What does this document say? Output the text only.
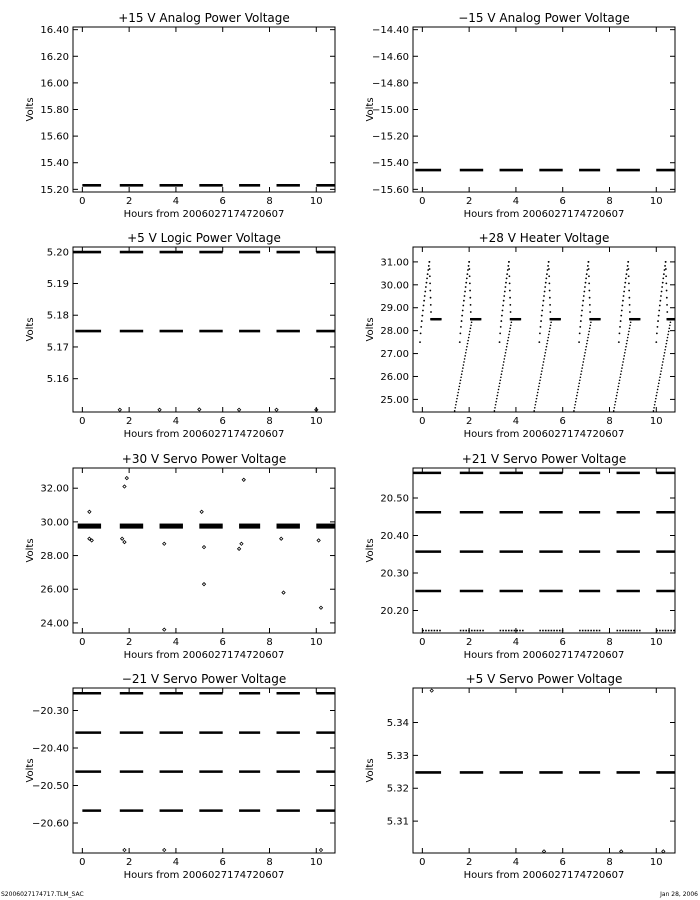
+15 V Analog Power Voltage
Hours from 2006027174720607
Volts
0	2	4	6	8	10
15.20
15.40
15.60
15.80
16.00
16.20
16.40
−15 V Analog Power Voltage
Hours from 2006027174720607
Volts
0	2	4	6	8	10
−14.40
−14.60
−14.80
−15.00
−15.20
−15.40
−15.60
+5 V Logic Power Voltage
Hours from 2006027174720607
Volts
0	2	4	6	8	10
5.16
5.17
5.18
5.19
5.20
+28 V Heater Voltage
Hours from 2006027174720607
Volts
0	2	4	6	8	10
25.00
26.00
27.00
28.00
29.00
30.00
31.00
+30 V Servo Power Voltage
Hours from 2006027174720607
Volts
0	2	4	6	8	10
24.00
26.00
28.00
30.00
32.00
+21 V Servo Power Voltage
Hours from 2006027174720607
Volts
0	2	4	6	8	10
20.20
20.30
20.40
20.50
−21 V Servo Power Voltage
Hours from 2006027174720607
Volts
0	2	4	6	8	10
−20.30
−20.40
−20.50
−20.60
+5 V Servo Power Voltage
Hours from 2006027174720607
Volts
0	2	4	6	8	10
5.31
5.32
5.33
5.34
S2006027174717.TLM_SAC	Jan 28, 2006
